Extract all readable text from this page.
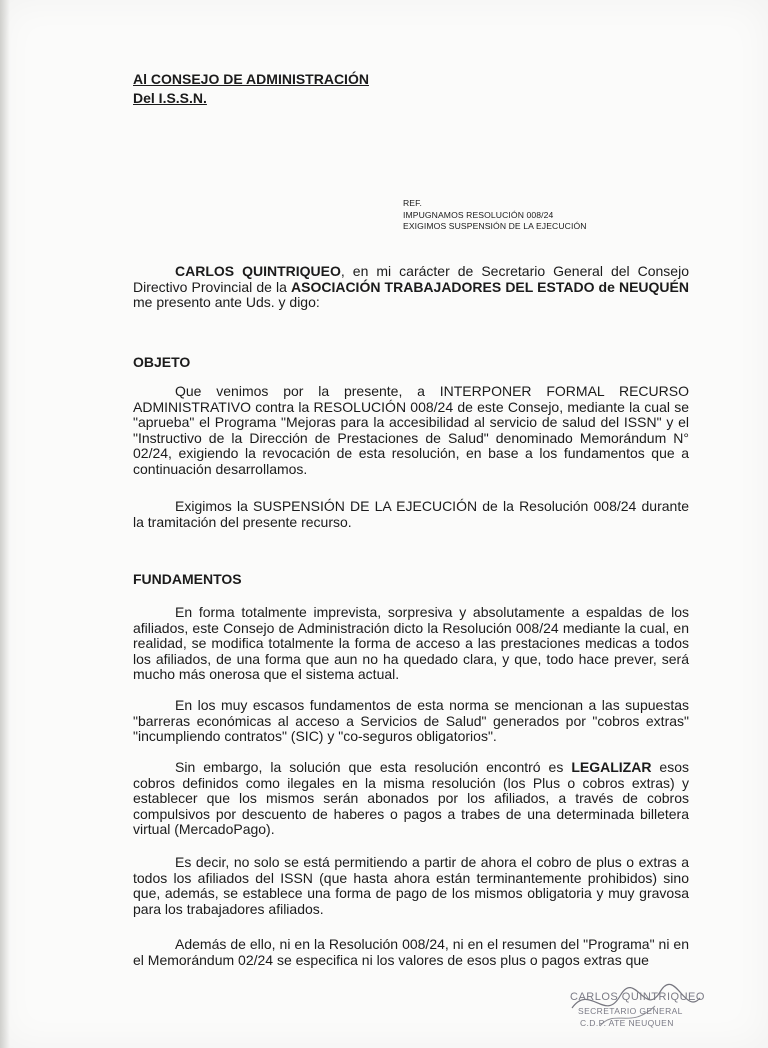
Al CONSEJO DE ADMINISTRACIÓN
Del I.S.S.N.
REF.
IMPUGNAMOS RESOLUCIÓN 008/24
EXIGIMOS SUSPENSIÓN DE LA EJECUCIÓN
CARLOS QUINTRIQUEO, en mi carácter de Secretario General del Consejo Directivo Provincial de la ASOCIACIÓN TRABAJADORES DEL ESTADO de NEUQUÉN me presento ante Uds. y digo:
OBJETO
Que venimos por la presente, a INTERPONER FORMAL RECURSO ADMINISTRATIVO contra la RESOLUCIÓN 008/24 de este Consejo, mediante la cual se "aprueba" el Programa "Mejoras para la accesibilidad al servicio de salud del ISSN" y el "Instructivo de la Dirección de Prestaciones de Salud" denominado Memorándum N° 02/24, exigiendo la revocación de esta resolución, en base a los fundamentos que a continuación desarrollamos.
Exigimos la SUSPENSIÓN DE LA EJECUCIÓN de la Resolución 008/24 durante la tramitación del presente recurso.
FUNDAMENTOS
En forma totalmente imprevista, sorpresiva y absolutamente a espaldas de los afiliados, este Consejo de Administración dicto la Resolución 008/24 mediante la cual, en realidad, se modifica totalmente la forma de acceso a las prestaciones medicas a todos los afiliados, de una forma que aun no ha quedado clara, y que, todo hace prever, será mucho más onerosa que el sistema actual.
En los muy escasos fundamentos de esta norma se mencionan a las supuestas "barreras económicas al acceso a Servicios de Salud" generados por "cobros extras" "incumpliendo contratos" (SIC) y "co-seguros obligatorios".
Sin embargo, la solución que esta resolución encontró es LEGALIZAR esos cobros definidos como ilegales en la misma resolución (los Plus o cobros extras) y establecer que los mismos serán abonados por los afiliados, a través de cobros compulsivos por descuento de haberes o pagos a trabes de una determinada billetera virtual (MercadoPago).
Es decir, no solo se está permitiendo a partir de ahora el cobro de plus o extras a todos los afiliados del ISSN (que hasta ahora están terminantemente prohibidos) sino que, además, se establece una forma de pago de los mismos obligatoria y muy gravosa para los trabajadores afiliados.
Además de ello, ni en la Resolución 008/24, ni en el resumen del "Programa" ni en el Memorándum 02/24 se especifica ni los valores de esos plus o pagos extras que
CARLOS QUINTRIQUEO
SECRETARIO GENERAL
C.D.P. ATE NEUQUEN
